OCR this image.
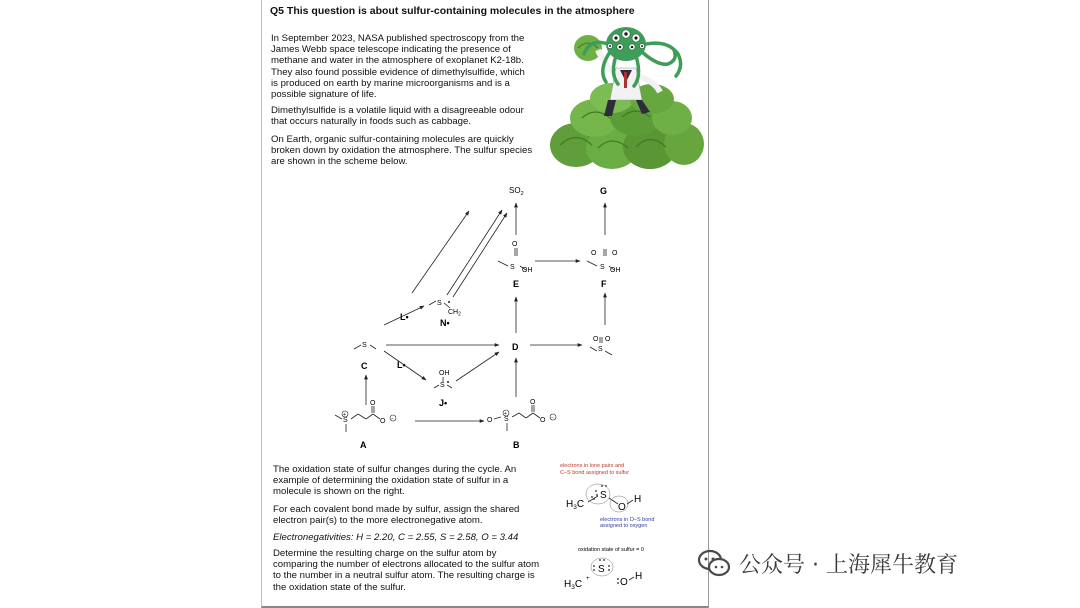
Q5 This question is about sulfur-containing molecules in the atmosphere
In September 2023, NASA published spectroscopy from the James Webb space telescope indicating the presence of methane and water in the atmosphere of exoplanet K2-18b. They also found possible evidence of dimethylsulfide, which is produced on earth by marine microorganisms and is a possible signature of life.
Dimethylsulfide is a volatile liquid with a disagreeable odour that occurs naturally in foods such as cabbage.
On Earth, organic sulfur-containing molecules are quickly broken down by oxidation the atmosphere. The sulfur species are shown in the scheme below.
$SO_2$	G
O
S OH
E
O O
S OH
F
S
$CH_2$
N•
L•
S
C
D
O O
S
L•
OH
S
J•
S
+
O
O −
A
O S
+
O
O −
B
The oxidation state of sulfur changes during the cycle. An example of determining the oxidation state of sulfur in a molecule is shown on the right.
For each covalent bond made by sulfur, assign the shared electron pair(s) to the more electronegative atom.
Electronegativities: H = 2.20, C = 2.55, S = 2.58, O = 3.44
Determine the resulting charge on the sulfur atom by comparing the number of electrons allocated to the sulfur atom to the number in a neutral sulfur atom. The resulting charge is the oxidation state of the sulfur.
electrons in lone pairs and
C–S bond assigned to sulfur
$H_3C$
S
O
H
electrons in O–S bond
assigned to oxygen
oxidation state of sulfur = 0
S
$H_3C$ +	O
H	公众号 · 上海犀牛教育
